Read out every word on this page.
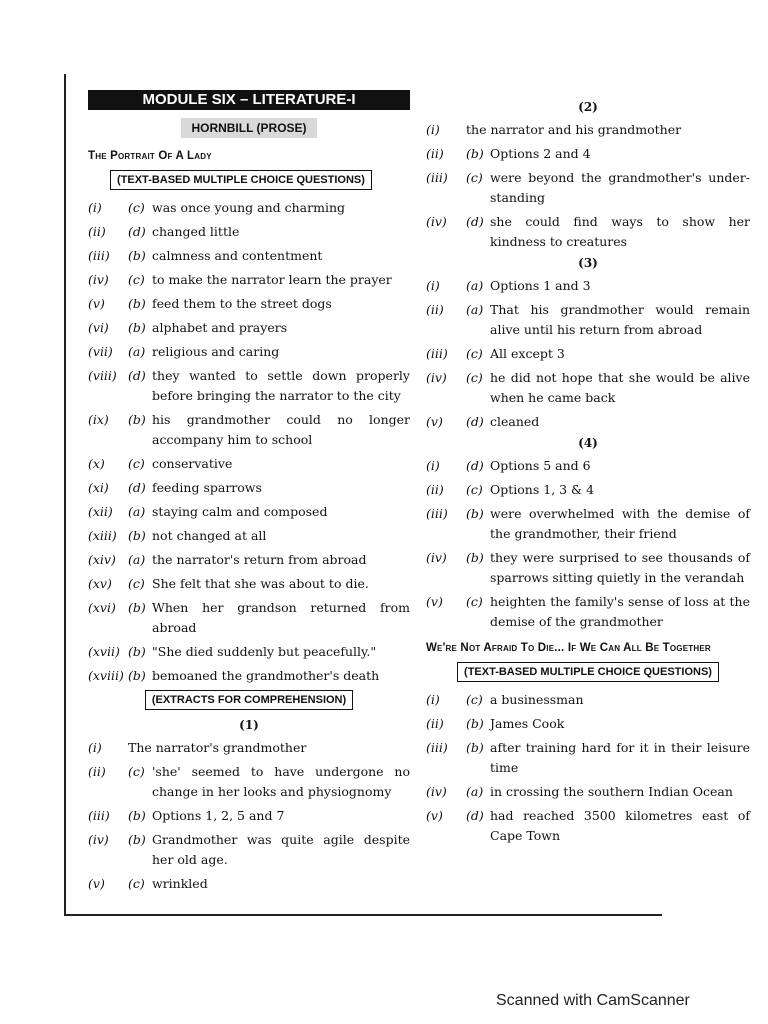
MODULE SIX – LITERATURE-I
HORNBILL (PROSE)
The Portrait Of A Lady
(TEXT-BASED MULTIPLE CHOICE QUESTIONS)
(i)	(c) was once young and charming
(ii)	(d) changed little
(iii)	(b) calmness and contentment
(iv)	(c) to make the narrator learn the prayer
(v)	(b) feed them to the street dogs
(vi)	(b) alphabet and prayers
(vii)	(a) religious and caring
(viii) (d) they wanted to settle down properly before bringing the narrator to the city
(ix)	(b) his grandmother could no longer accompany him to school
(x)	(c) conservative
(xi)	(d) feeding sparrows
(xii)	(a) staying calm and composed
(xiii) (b) not changed at all
(xiv) (a) the narrator's return from abroad
(xv)	(c) She felt that she was about to die.
(xvi) (b) When her grandson returned from abroad
(xvii) (b) "She died suddenly but peacefully."
(xviii) (b) bemoaned the grandmother's death
(EXTRACTS FOR COMPREHENSION)
(1)
(i)	The narrator's grandmother
(ii)	(c) 'she' seemed to have undergone no change in her looks and physiognomy
(iii)	(b) Options 1, 2, 5 and 7
(iv)	(b) Grandmother was quite agile despite her old age.
(v)	(c) wrinkled
(2)
(i)	the narrator and his grandmother
(ii)	(b) Options 2 and 4
(iii)	(c) were beyond the grandmother's under-standing
(iv)	(d) she could find ways to show her kindness to creatures
(3)
(i)	(a) Options 1 and 3
(ii)	(a) That his grandmother would remain alive until his return from abroad
(iii)	(c) All except 3
(iv)	(c) he did not hope that she would be alive when he came back
(v)	(d) cleaned
(4)
(i)	(d) Options 5 and 6
(ii)	(c) Options 1, 3 & 4
(iii)	(b) were overwhelmed with the demise of the grandmother, their friend
(iv)	(b) they were surprised to see thousands of sparrows sitting quietly in the verandah
(v)	(c) heighten the family's sense of loss at the demise of the grandmother
We're Not Afraid To Die... If We Can All Be Together
(TEXT-BASED MULTIPLE CHOICE QUESTIONS)
(i)	(c) a businessman
(ii)	(b) James Cook
(iii)	(b) after training hard for it in their leisure time
(iv)	(a) in crossing the southern Indian Ocean
(v)	(d) had reached 3500 kilometres east of Cape Town
Scanned with CamScanner
